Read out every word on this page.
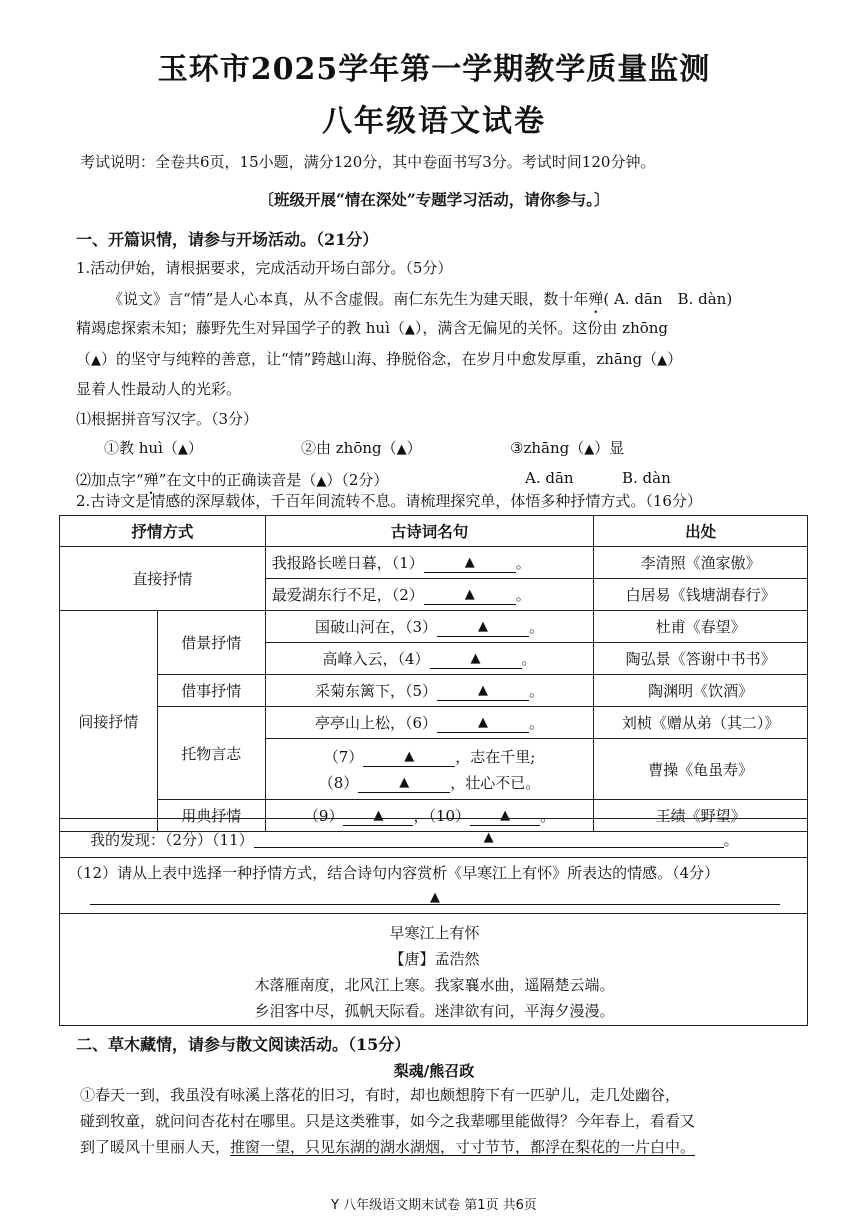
玉环市2025学年第一学期教学质量监测
八年级语文试卷
考试说明：全卷共6页，15小题，满分120分，其中卷面书写3分。考试时间120分钟。
〔班级开展“情在深处”专题学习活动，请你参与。〕
一、开篇识情，请参与开场活动。（21分）
1.活动伊始，请根据要求，完成活动开场白部分。（5分）
《说文》言“情”是人心本真，从不含虚假。南仁东先生为建天眼，数十年殚( A. dān　B. dàn)
精竭虑探索未知；藤野先生对异国学子的教 huì（▲），满含无偏见的关怀。这份由 zhōng
（▲）的坚守与纯粹的善意，让“情”跨越山海、挣脱俗念，在岁月中愈发厚重，zhāng（▲）
显着人性最动人的光彩。
⑴根据拼音写汉字。（3分）
①教 huì（▲）	②由 zhōng（▲）	③zhāng（▲）显
⑵加点字“殚”在文中的正确读音是（▲）（2分）	A. dān	B. dàn
2.古诗文是情感的深厚载体，千百年间流转不息。请梳理探究单，体悟多种抒情方式。（16分）
抒情方式		古诗词名句	出处
直接抒情		我报路长嗟日暮，（1） ▲ 。	李清照《渔家傲》
		最爱湖东行不足，（2） ▲ 。	白居易《钱塘湖春行》
间接抒情	借景抒情	国破山河在，（3） ▲ 。	杜甫《春望》
		高峰入云，（4） ▲ 。	陶弘景《答谢中书书》
	借事抒情	采菊东篱下，（5） ▲ 。	陶渊明《饮酒》
	托物言志	亭亭山上松，（6） ▲ 。	刘桢《赠从弟（其二）》
		（7） ▲ ，志在千里;	曹操《龟虽寿》
		（8） ▲ ，壮心不已。	
	用典抒情	（9） ▲ ，（10） ▲ 。	王绩《野望》
我的发现：（2分）（11）	▲	。
（12）请从上表中选择一种抒情方式，结合诗句内容赏析《早寒江上有怀》所表达的情感。（4分）
▲
早寒江上有怀
【唐】孟浩然
木落雁南度，北风江上寒。我家襄水曲，遥隔楚云端。
乡泪客中尽，孤帆天际看。迷津欲有问，平海夕漫漫。
二、草木藏情，请参与散文阅读活动。（15分）
梨魂/熊召政
①春天一到，我虽没有咏溪上落花的旧习，有时，却也颇想胯下有一匹驴儿，走几处幽谷，
碰到牧童，就问问杏花村在哪里。只是这类雅事，如今之我辈哪里能做得？今年春上，看看又
到了暖风十里丽人天，推窗一望，只见东湖的湖水湖烟，寸寸节节，都浮在梨花的一片白中。
Y 八年级语文期末试卷 第1页 共6页
